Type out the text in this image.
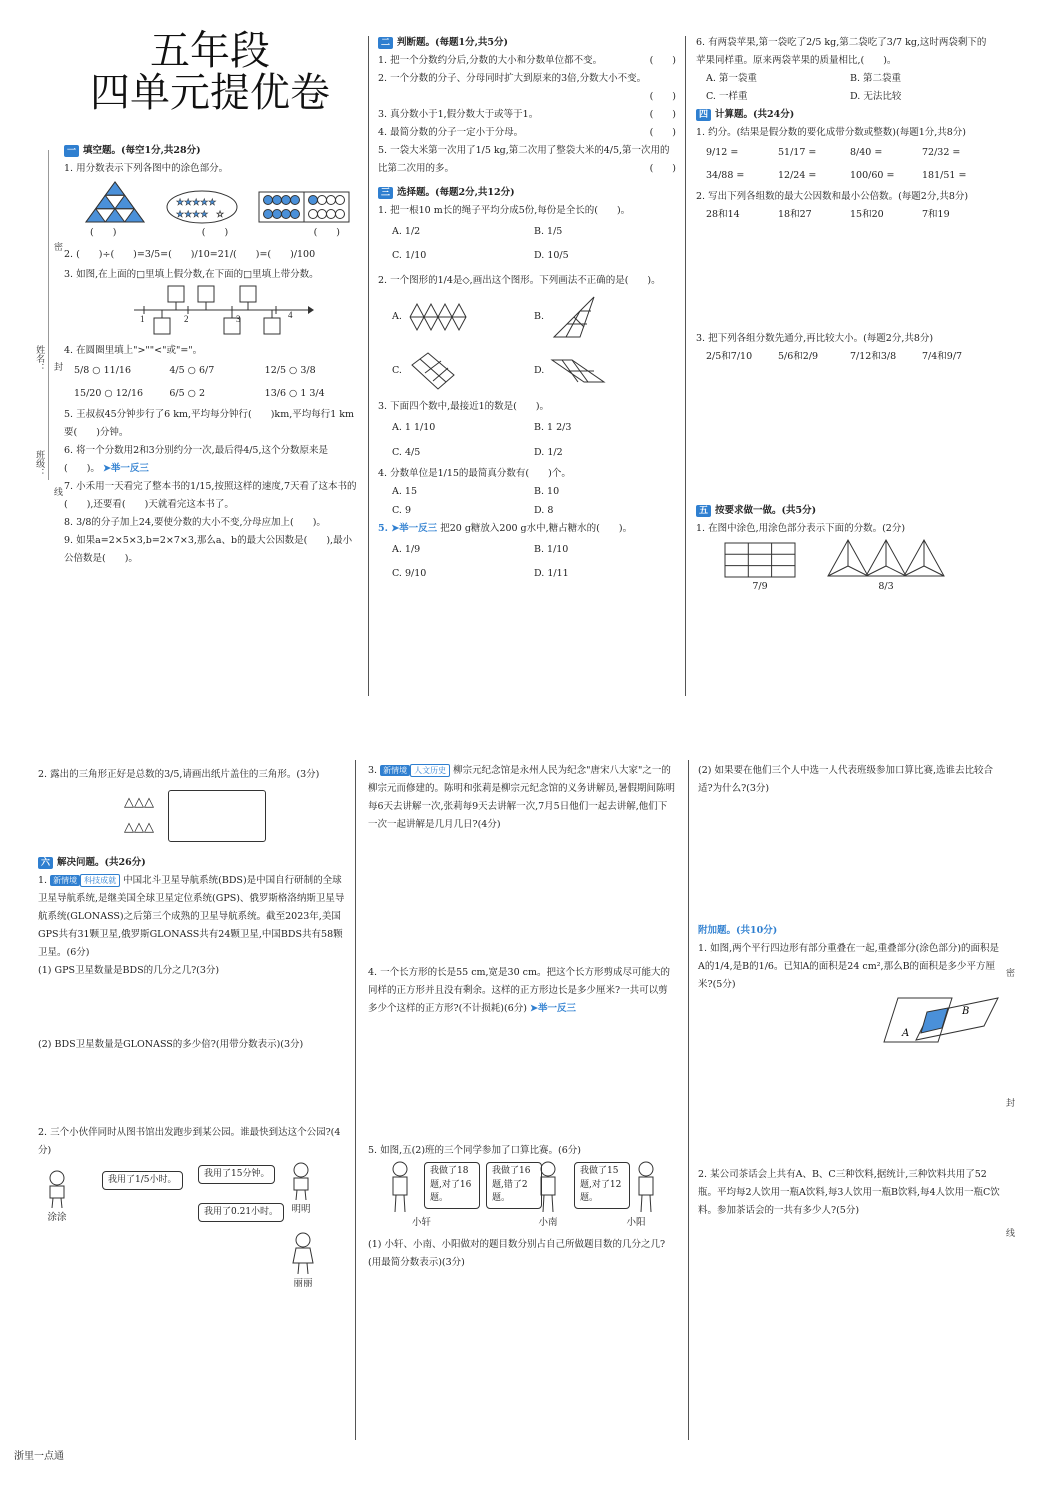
五年段
四单元提优卷
密
封
线
姓名：
班级：
一 填空题。(每空1分,共28分)

1. 用分数表示下列各图中的涂色部分。

★★★★★
★★★★ ☆
(　　)	(　　)	(　　)

2. (　　)÷(　　)=3/5=(　　)/10=21/(　　)=(　　)/100

3. 如图,在上面的□里填上假分数,在下面的□里填上带分数。

1	2	3	4

4. 在圆圈里填上">""<"或"="。

5/8 ○ 11/16	4/5 ○ 6/7	12/5 ○ 3/8
15/20 ○ 12/16	6/5 ○ 2	13/6 ○ 1 3/4

5. 王叔叔45分钟步行了6 km,平均每分钟行(　　)km,平均每行1 km要(　　)分钟。

6. 将一个分数用2和3分别约分一次,最后得4/5,这个分数原来是(　　)。 ➤举一反三

7. 小禾用一天看完了整本书的1/15,按照这样的速度,7天看了这本书的(　　),还要看(　　)天就看完这本书了。

8. 3/8的分子加上24,要使分数的大小不变,分母应加上(　　)。

9. 如果a=2×5×3,b=2×7×3,那么a、b的最大公因数是(　　),最小公倍数是(　　)。

二 判断题。(每题1分,共5分)

1. 把一个分数约分后,分数的大小和分数单位都不变。	(　　)

2. 一个分数的分子、分母同时扩大到原来的3倍,分数大小不变。

(　　)

3. 真分数小于1,假分数大于或等于1。	(　　)

4. 最简分数的分子一定小于分母。	(　　)

5. 一袋大米第一次用了1/5 kg,第二次用了整袋大米的4/5,第一次用的比第二次用的多。	(　　)

三 选择题。(每题2分,共12分)

1. 把一根10 m长的绳子平均分成5份,每份是全长的(　　)。

A. 1/2	B. 1/5
C. 1/10	D. 10/5

2. 一个图形的1/4是◇,画出这个图形。下列画法不正确的是(　　)。

A.	B.
C.	D.

3. 下面四个数中,最接近1的数是(　　)。

A. 1 1/10	B. 1 2/3
C. 4/5	D. 1/2

4. 分数单位是1/15的最简真分数有(　　)个。

A. 15	B. 10
C. 9	D. 8

5. ➤举一反三 把20 g糖放入200 g水中,糖占糖水的(　　)。

A. 1/9	B. 1/10
C. 9/10	D. 1/11

6. 有两袋苹果,第一袋吃了2/5 kg,第二袋吃了3/7 kg,这时两袋剩下的苹果同样重。原来两袋苹果的质量相比,(　　)。

A. 第一袋重	B. 第二袋重
C. 一样重	D. 无法比较
四 计算题。(共24分)

1. 约分。(结果是假分数的要化成带分数或整数)(每题1分,共8分)

9/12 =	51/17 =	8/40 =	72/32 =
34/88 =	12/24 =	100/60 =	181/51 =

2. 写出下列各组数的最大公因数和最小公倍数。(每题2分,共8分)

28和14	18和27	15和20	7和19

3. 把下列各组分数先通分,再比较大小。(每题2分,共8分)

2/5和7/10	5/6和2/9	7/12和3/8	7/4和9/7
五 按要求做一做。(共5分)

1. 在图中涂色,用涂色部分表示下面的分数。(2分)

7/9	8/3

2. 露出的三角形正好是总数的3/5,请画出纸片盖住的三角形。(3分)

△△△
△△△
六 解决问题。(共26分)

1. 新情境 科技成就 中国北斗卫星导航系统(BDS)是中国自行研制的全球卫星导航系统,是继美国全球卫星定位系统(GPS)、俄罗斯格洛纳斯卫星导航系统(GLONASS)之后第三个成熟的卫星导航系统。截至2023年,美国GPS共有31颗卫星,俄罗斯GLONASS共有24颗卫星,中国BDS共有58颗卫星。(6分)

(1) GPS卫星数量是BDS的几分之几?(3分)

(2) BDS卫星数量是GLONASS的多少倍?(用带分数表示)(3分)

2. 三个小伙伴同时从图书馆出发跑步到某公园。谁最快到达这个公园?(4分)

涂涂
我用了1/5小时。
我用了15分钟。
我用了0.21小时。	明明
丽丽

3. 新情境 人文历史 柳宗元纪念馆是永州人民为纪念"唐宋八大家"之一的柳宗元而修建的。陈明和张莉是柳宗元纪念馆的义务讲解员,暑假期间陈明每6天去讲解一次,张莉每9天去讲解一次,7月5日他们一起去讲解,他们下一次一起讲解是几月几日?(4分)

4. 一个长方形的长是55 cm,宽是30 cm。把这个长方形剪成尽可能大的同样的正方形并且没有剩余。这样的正方形边长是多少厘米?一共可以剪多少个这样的正方形?(不计损耗)(6分) ➤举一反三

5. 如图,五(2)班的三个同学参加了口算比赛。(6分)

小轩
我做了18题,对了16题。
我做了16题,错了2题。
小南
我做了15题,对了12题。
小阳

(1) 小轩、小南、小阳做对的题目数分别占自己所做题目数的几分之几?(用最简分数表示)(3分)

(2) 如果要在他们三个人中选一人代表班级参加口算比赛,选谁去比较合适?为什么?(3分)

附加题。(共10分)

1. 如图,两个平行四边形有部分重叠在一起,重叠部分(涂色部分)的面积是A的1/4,是B的1/6。已知A的面积是24 cm²,那么B的面积是多少平方厘米?(5分)

A
B

2. 某公司茶话会上共有A、B、C三种饮料,据统计,三种饮料共用了52瓶。平均每2人饮用一瓶A饮料,每3人饮用一瓶B饮料,每4人饮用一瓶C饮料。参加茶话会的一共有多少人?(5分)

密
封
线
浙里一点通
